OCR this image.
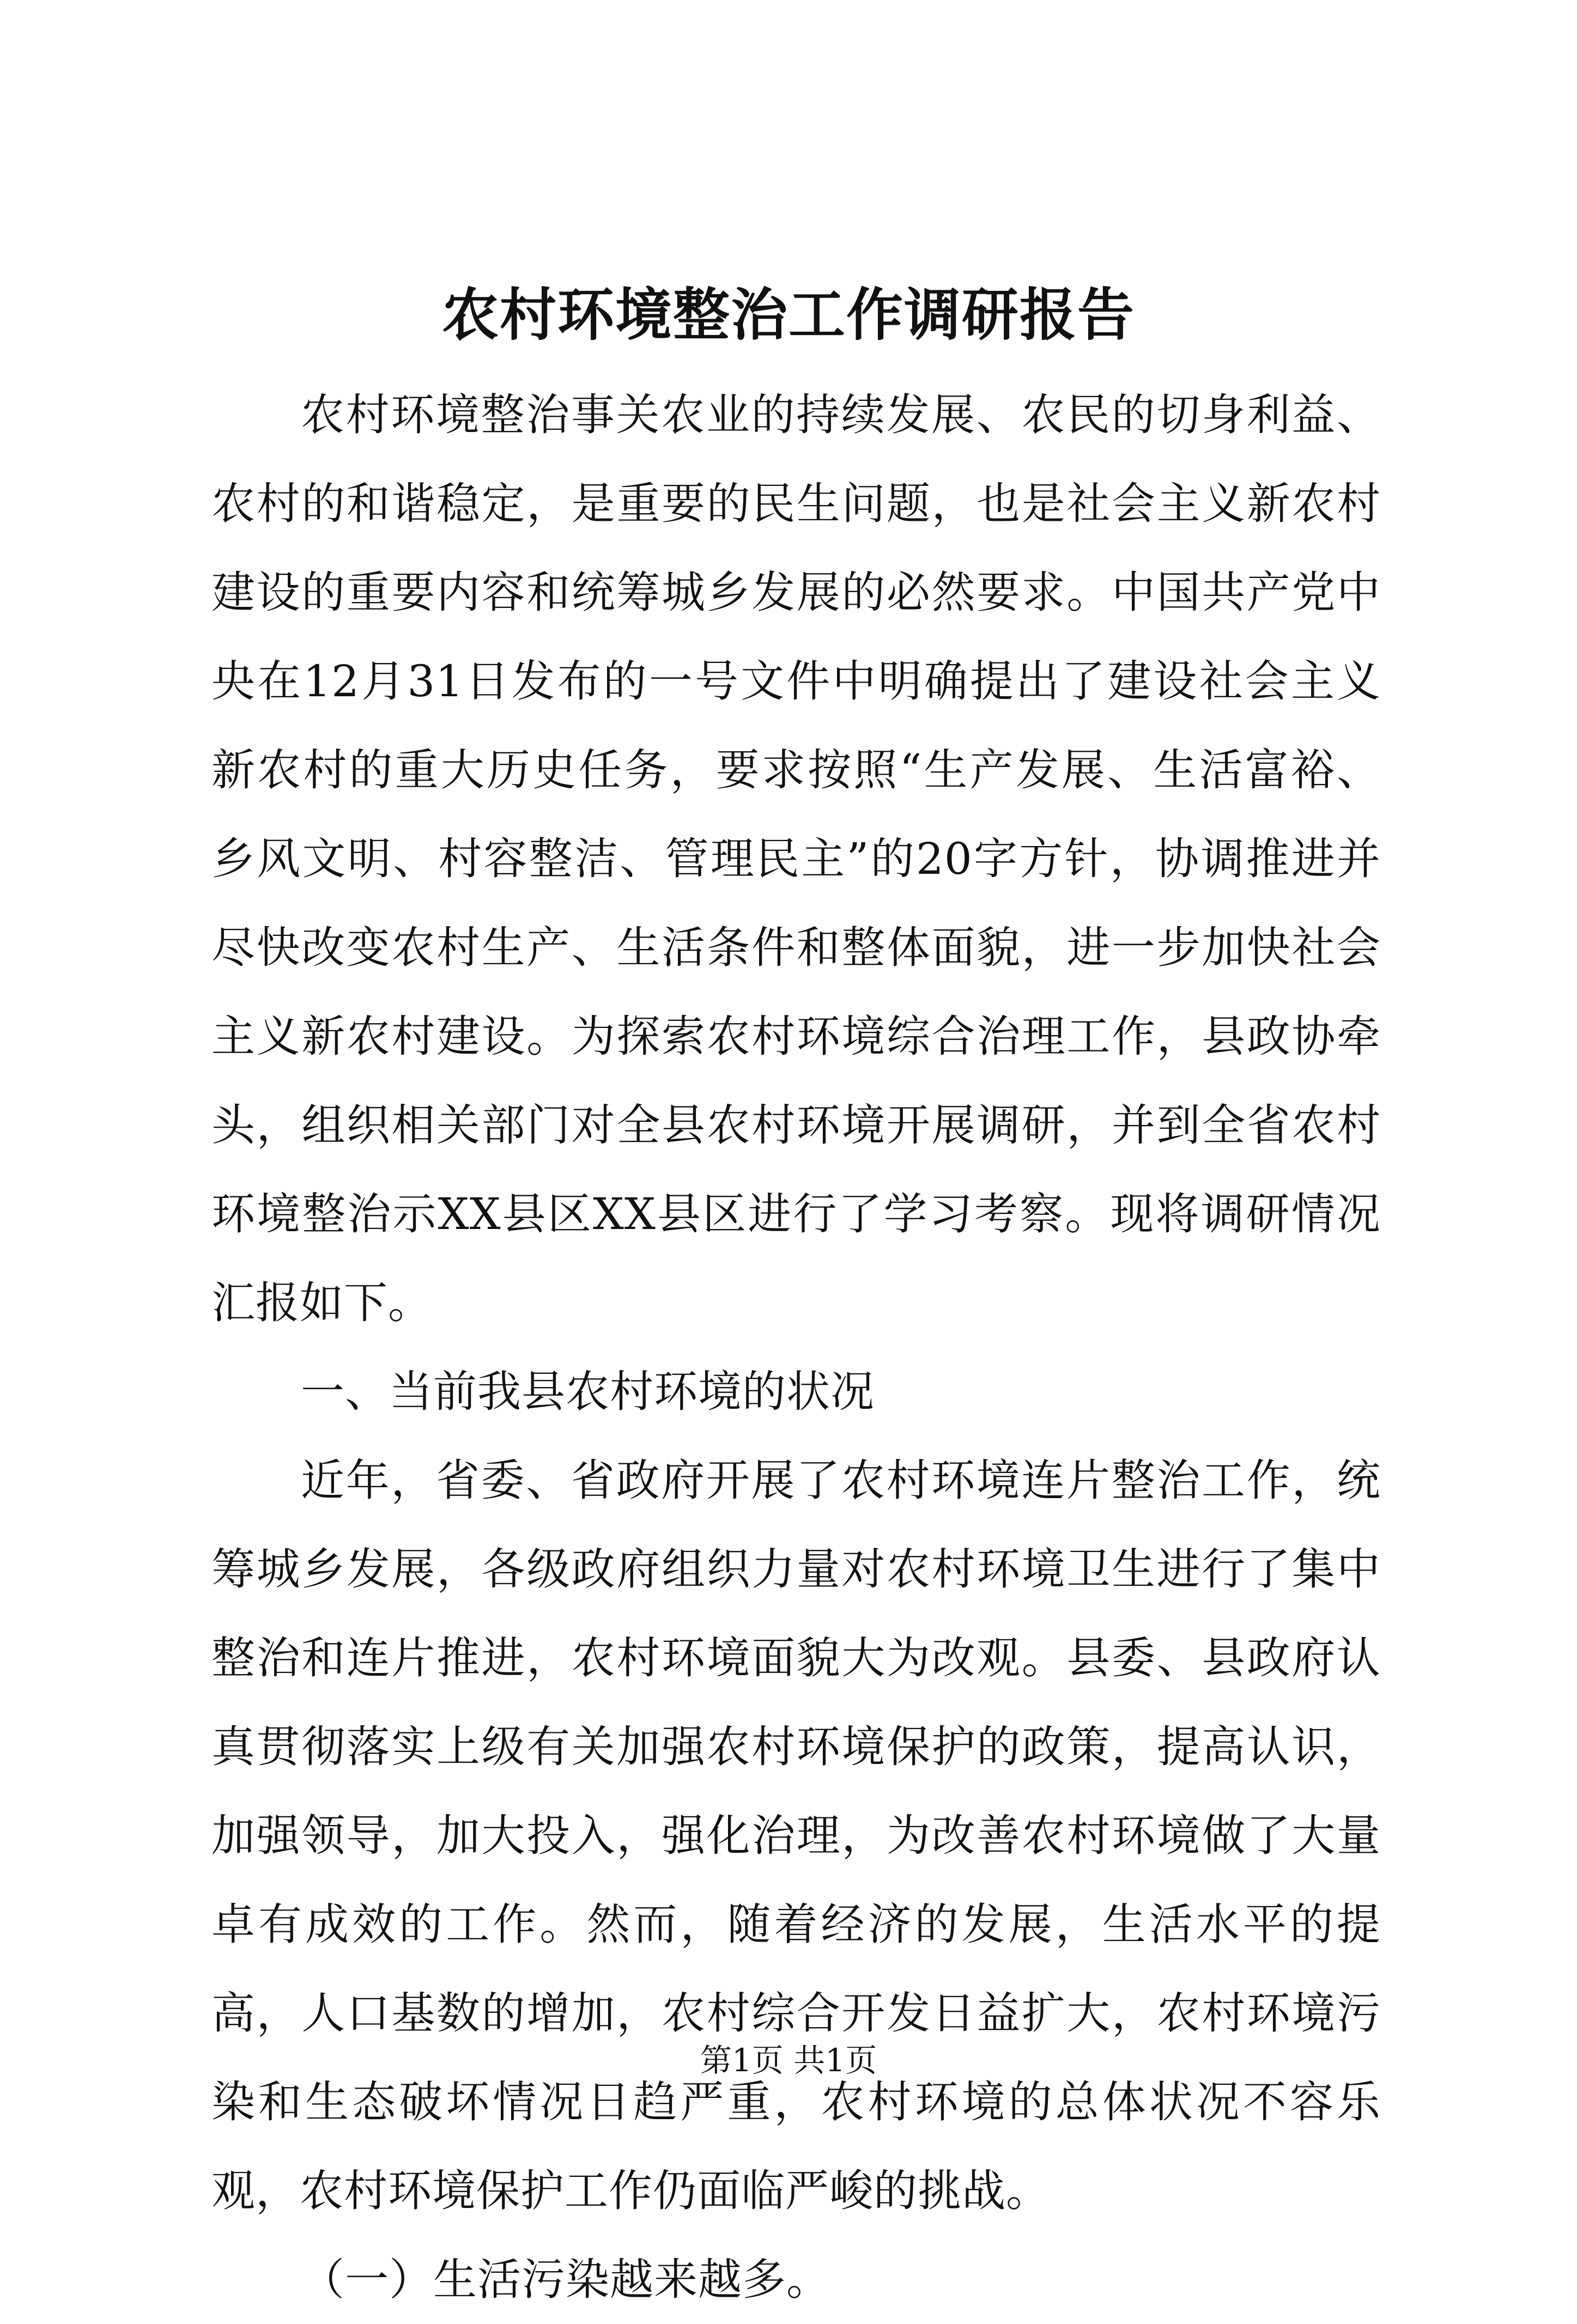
农村环境整治工作调研报告

农村环境整治事关农业的持续发展、农民的切身利益、农村的和谐稳定，是重要的民生问题，也是社会主义新农村建设的重要内容和统筹城乡发展的必然要求。中国共产党中央在12月31日发布的一号文件中明确提出了建设社会主义新农村的重大历史任务，要求按照“生产发展、生活富裕、乡风文明、村容整洁、管理民主”的20字方针，协调推进并尽快改变农村生产、生活条件和整体面貌，进一步加快社会主义新农村建设。为探索农村环境综合治理工作，县政协牵头，组织相关部门对全县农村环境开展调研，并到全省农村环境整治示XX县区XX县区进行了学习考察。现将调研情况汇报如下。

一、当前我县农村环境的状况

近年，省委、省政府开展了农村环境连片整治工作，统筹城乡发展，各级政府组织力量对农村环境卫生进行了集中整治和连片推进，农村环境面貌大为改观。县委、县政府认真贯彻落实上级有关加强农村环境保护的政策，提高认识，加强领导，加大投入，强化治理，为改善农村环境做了大量卓有成效的工作。然而，随着经济的发展，生活水平的提高，人口基数的增加，农村综合开发日益扩大，农村环境污染和生态破坏情况日趋严重，农村环境的总体状况不容乐观，农村环境保护工作仍面临严峻的挑战。

（一）生活污染越来越多。

第1页 共1页
